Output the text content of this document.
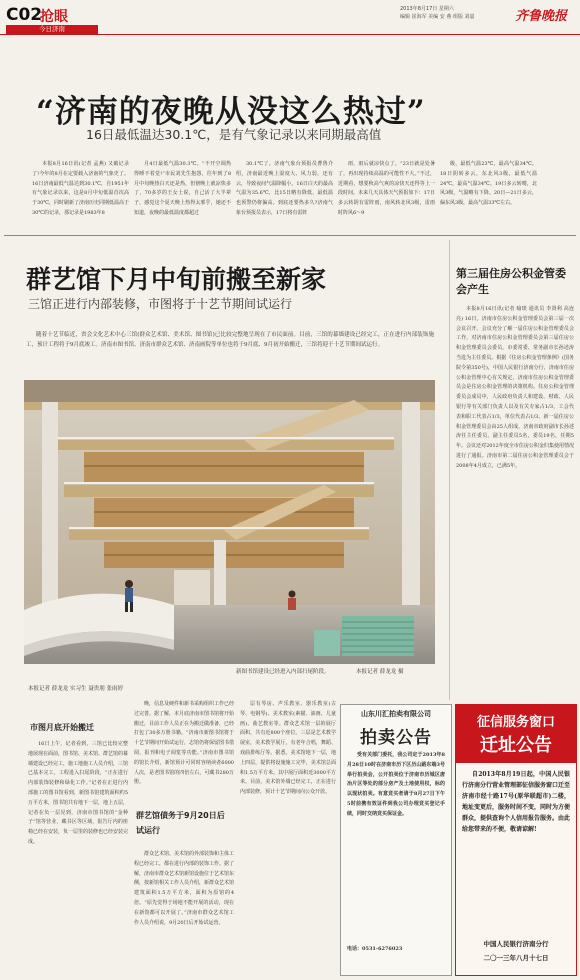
C02
抢眼
今日济南
2013年8月17日 星期六
编辑 崔海军 美编 安 燕 组版 刘嘉	齐鲁晚报
“济南的夜晚从没这么热过”
16日最低温达30.1℃，是有气象记录以来同期最高值

本报8月16日讯(记者 孟燕) 又破记录了!今年的8月在定要载入济南的气象史了。16日济南最低气温达到30.1℃，自1951年有气象记录以来，这是8月中旬低温首次高于30℃，同时刷新了济南历史同期低温高于30℃的记录，那记录是1983年8

月4日最低气温30.3℃。“不开空调热得睡不着觉!”市民刘先生抱怨，往年到了8月中旬晚热白天还是热，但傍晚上就凉快多了，70多岁的王女士说，自己活了大半辈子，感觉这个夏天晚上热得太邪乎，她还不知道，夜晚的最低温度都超过

30.1℃了。济南气象台预报员曹鲁介绍，济南最近晚上湿度大、风力弱，还有云，导致夜间气温降幅小。16日白天的最高气温为35.6℃，比15日略有降低，最低温也预警仍将偏高。到底还要热多久?济南气象台预报员表示，17日将有雷阵

雨，雨后就凉快点了。“23日就是处暑了，再出现持续高温的可能性不大。”不过，近期看，想要秋高气爽的凉快天还得等上一段时间。未来几天具体天气预报如下：17日多云转阴有雷阵雨，南风转北风3级，雷雨时阵风6～9

级，最低气温23℃，最高气温34℃。18日阴转多云，东北风3级，最低气温24℃，最高气温34℃。19日多云转晴，北风3级，气温略有下降。20日—21日多云，偏东风3级，最高气温33℃左右。

群艺馆下月中旬前搬至新家
三馆正进行内部装修，市图将于十艺节期间试运行

随着十艺节临近，省会文化艺术中心三馆(群众艺术馆、美术馆、图书馆)已比较完整地呈现在了市民面前。目前，三馆的幕墙建设已经完工，正在进行内部装饰施工，预计工程将于9月底竣工。济南市图书馆、济南市群众艺术馆、济南画院等单位也将于9月底、9月初开始搬迁，三馆将迎于十艺节期间试运行。

新图书馆建设已经进入内部扫尾阶段。	本报记者 薛龙龙 摄
本报记者 薛龙龙 实习生 聂贵朋 张雨婷
市图月底开始搬迁

16日上午，记者看到，三馆已比较完整地展现在面前，图书馆、美术馆、群艺馆的幕墙建设已经完工，施工地施工人员介绍，三馆已基本完工，工程进入扫尾阶段，“正在进行内部装饰装修和绿化工作。”记者在正进行内部施工的图书馆看到，新图书馆建筑面积约5万平方米，图书馆共有地下一层，地上五层，记者在负一层见到，济南市图书馆的“金种子”馆等营业，藏书区等区域，报告厅内的座椅已经在安装，负一层里的装修也已经安装完成。

晚，信息及硬件和新书采购组织工作已经过完善。据了解，本月底济南市图书馆将开始搬迁，目前工作人员正在为搬迁做准备，已经打包了30多万册书籍。“济南市新图书馆将于十艺节期间开始试运行，志馆仍将保留图书借阅，报刊和电子阅览等功能。”济南市图书馆的馆长介绍，新馆预计可同时容纳读者6000人次，是老图书馆的四倍左右，可藏书280万册。

群艺馆债务于9月20日后试运行

群众艺术馆、美术馆的外部装饰和主体工程已经完工，都在进行内部的装饰工作。据了解，济南市群众艺术馆新馆设施位于艺术馆东侧，按新馆相关工作人员介绍，新群众艺术馆建筑面积1.5万平方米，面积为原馆的4倍。“原先觉得于场地不能开展的活动，现在在新馆都可以开展了。”济南市群众艺术馆工作人员介绍说，9月20日后开始试运营。

层有琴房、声乐教室、器乐教室(古琴、电钢琴)、美术教室(素描、油画、儿童画)、曲艺教室等。群众艺术馆一层的展厅面积，共有近800个座位。三层是艺术教学展室，美术教学展厅，有老年合唱，舞蹈、戏曲排练厅等。据悉，美术馆地下一层，地上四层，提供将设施施工完毕，美术馆总面积1.5万平方米，其中展厅面积近3000平方米。目前，美术馆外墙已经完工，正在进行内部装修，预计十艺节期间向公众开放。

第三届住房公积金管委会产生

本报8月16日讯(记者 喻琰 通讯员 李贤利 高连亮) 16日，济南市住房公积金管理委员会第三届一次会议召开。会议充分了解一届住房公积金管理委员会工作，对济南市住房公积金管理委员会第三届住房公积金管理委员会委员，市委常委、常务副市长孙述涛当选为主任委员。根据《住房公积金管理条例》(国务院令第350号)，中国人民银行济南分行，济南市住房公积金管理中心有关规定，济南市住房公积金管理委员会是住房公积金管理的决策机构。住房公积金管理委员会成员中，人民政府负责人和建设、财政、人民银行等有关部门负责人以及有关专家占1/3，工会代表和职工代表占1/3，单位代表占1/3。新一届住房公积金管理委员会由25人组成，济南市政府副市长孙述涛任主任委员，副主任委员5名，委员19名，任期5年。会议还对2012年度全市住房公积金归集使用情况进行了通报。济南市第二届住房公积金管理委员会于2008年4月成立，已满5年。

山东川汇拍卖有限公司
拍卖公告

受有关部门委托，我公司定于2013年8月28日10时在济南市历下区历山路东端3号举行拍卖会，公开拍卖位于济南市历城区唐冶片区等处的部分房产及土地使用权，标的以现状拍卖。有意竞买者请于8月27日下午5时前携有效证件到我公司办理竞买登记手续，同时交纳竞买保证金。

电话：0531-6276023
征信服务窗口
迁址公告

自2013年8月19日起，中国人民银行济南分行营业管理部征信服务窗口迁至济南市经十路17号(原华联超市)二楼，地址变更后，服务时间不变，同时为方便群众，提供查询个人信用报告服务。由此给您带来的不便，敬请谅解!

中国人民银行济南分行
二〇一三年八月十七日
